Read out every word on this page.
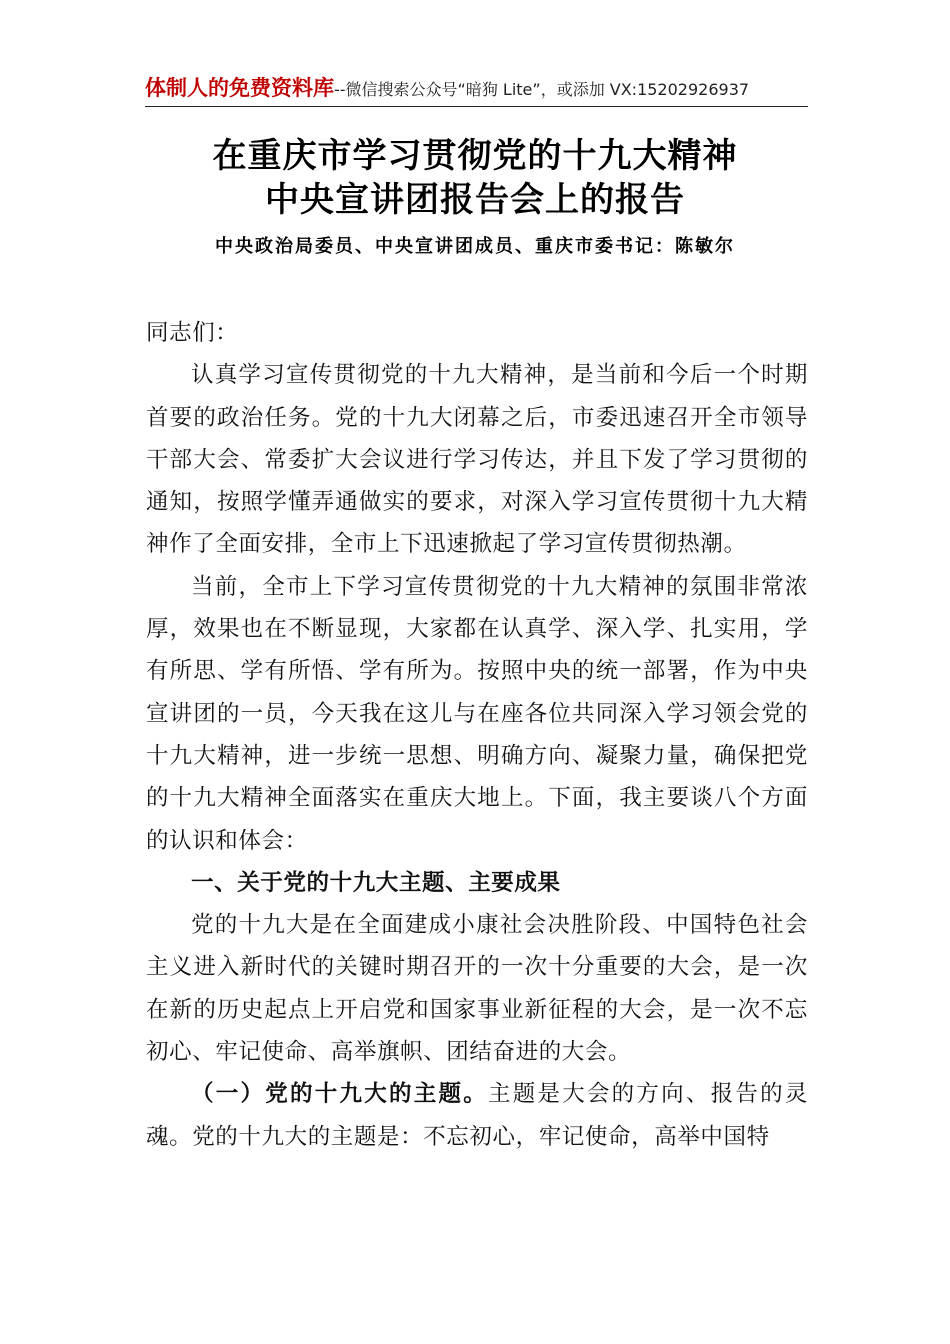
体制人的免费资料库--微信搜索公众号“暗狗 Lite”，或添加 VX:15202926937
在重庆市学习贯彻党的十九大精神
中央宣讲团报告会上的报告
中央政治局委员、中央宣讲团成员、重庆市委书记：陈敏尔

同志们：

认真学习宣传贯彻党的十九大精神，是当前和今后一个时期首要的政治任务。党的十九大闭幕之后，市委迅速召开全市领导干部大会、常委扩大会议进行学习传达，并且下发了学习贯彻的通知，按照学懂弄通做实的要求，对深入学习宣传贯彻十九大精神作了全面安排，全市上下迅速掀起了学习宣传贯彻热潮。

当前，全市上下学习宣传贯彻党的十九大精神的氛围非常浓厚，效果也在不断显现，大家都在认真学、深入学、扎实用，学有所思、学有所悟、学有所为。按照中央的统一部署，作为中央宣讲团的一员，今天我在这儿与在座各位共同深入学习领会党的十九大精神，进一步统一思想、明确方向、凝聚力量，确保把党的十九大精神全面落实在重庆大地上。下面，我主要谈八个方面的认识和体会：

一、关于党的十九大主题、主要成果

党的十九大是在全面建成小康社会决胜阶段、中国特色社会主义进入新时代的关键时期召开的一次十分重要的大会，是一次在新的历史起点上开启党和国家事业新征程的大会，是一次不忘初心、牢记使命、高举旗帜、团结奋进的大会。

（一）党的十九大的主题。主题是大会的方向、报告的灵魂。党的十九大的主题是：不忘初心，牢记使命，高举中国特
